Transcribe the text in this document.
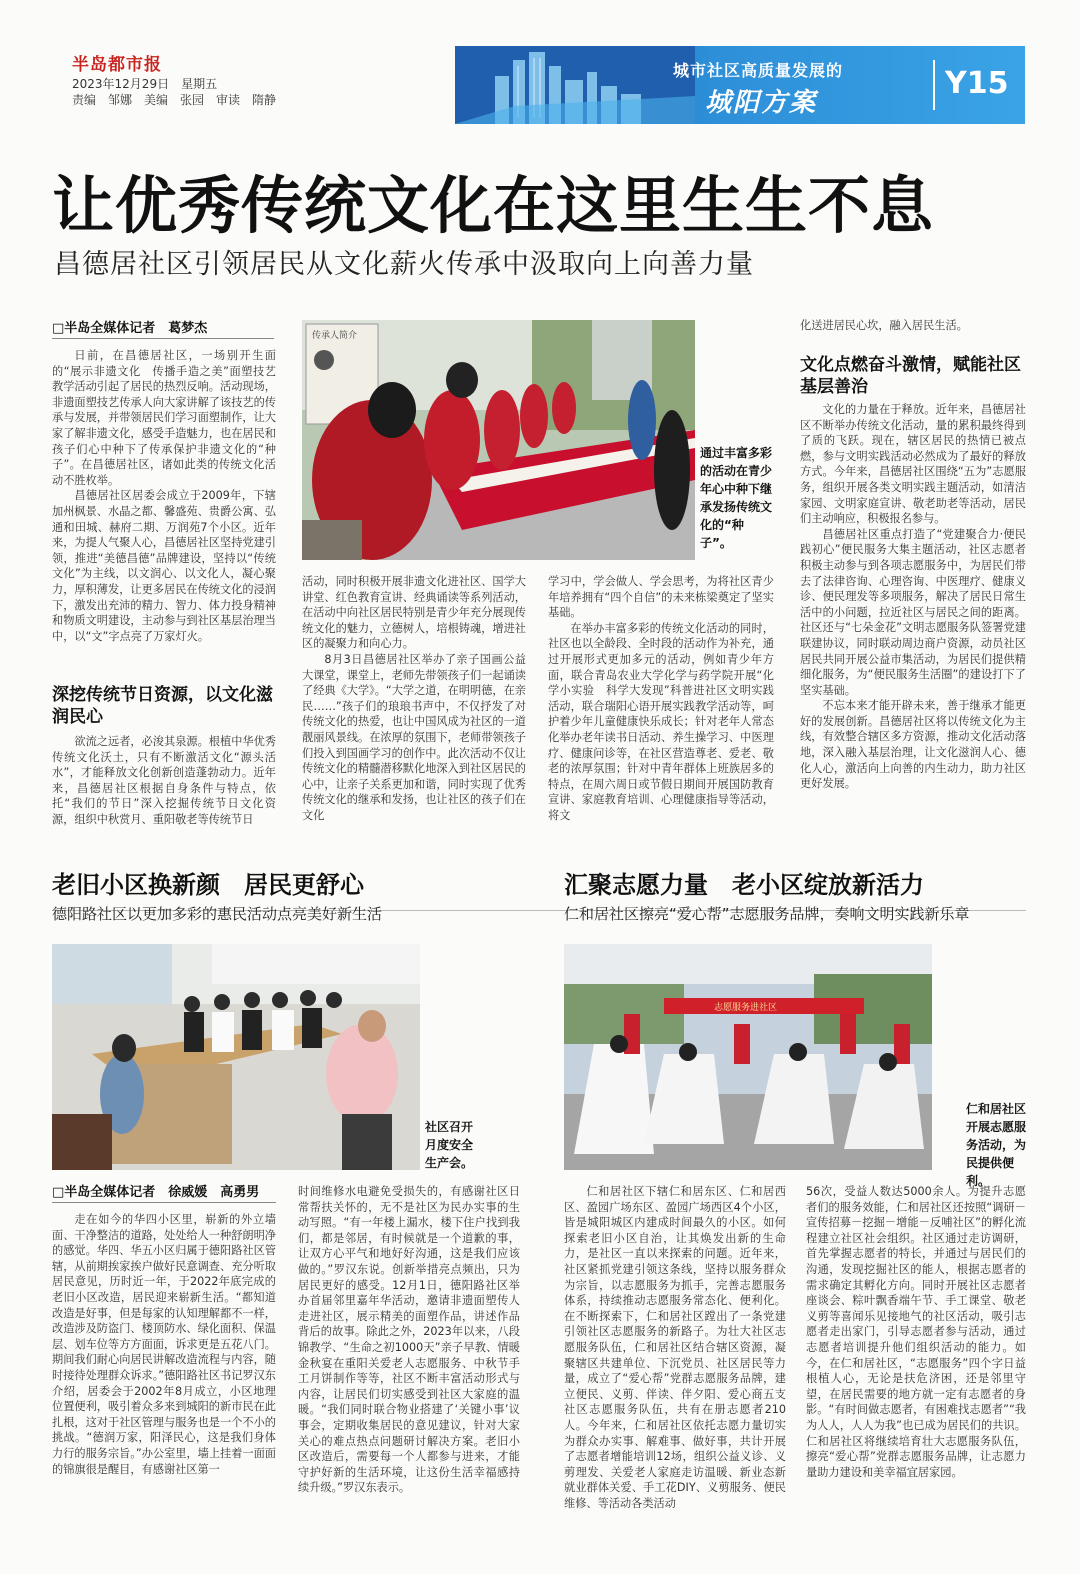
半岛都市报
2023年12月29日　星期五
责编　邹娜　美编　张园　审读　隋静
城市社区高质量发展的
城阳方案
Y15
让优秀传统文化在这里生生不息
昌德居社区引领居民从文化薪火传承中汲取向上向善力量
□半岛全媒体记者　葛梦杰

日前，在昌德居社区，一场别开生面的“展示非遗文化　传播手造之美”面塑技艺教学活动引起了居民的热烈反响。活动现场，非遗面塑技艺传承人向大家讲解了该技艺的传承与发展，并带领居民们学习面塑制作，让大家了解非遗文化，感受手造魅力，也在居民和孩子们心中种下了传承保护非遗文化的“种子”。在昌德居社区，诸如此类的传统文化活动不胜枚举。

昌德居社区居委会成立于2009年，下辖加州枫景、水晶之都、馨盛苑、贵爵公寓、弘通和田城、赫府二期、万润苑7个小区。近年来，为提人气聚人心，昌德居社区坚持党建引领，推进“美德昌德”品牌建设，坚持以“传统文化”为主线，以文润心、以文化人，凝心聚力，厚积薄发，让更多居民在传统文化的浸润下，激发出充沛的精力、智力、体力投身精神和物质文明建设，主动参与到社区基层治理当中，以“文”字点亮了万家灯火。

深挖传统节日资源，以文化滋润民心

欲流之远者，必浚其泉源。根植中华优秀传统文化沃土，只有不断激活文化“源头活水”，才能释放文化创新创造蓬勃动力。近年来，昌德居社区根据自身条件与特点，依托“我们的节日”深入挖掘传统节日文化资源，组织中秋赏月、重阳敬老等传统节日

传承人简介
通过丰富多彩的活动在青少年心中种下继承发扬传统文化的“种子”。

活动，同时积极开展非遗文化进社区、国学大讲堂、红色教育宣讲、经典诵读等系列活动，在活动中向社区居民特别是青少年充分展现传统文化的魅力，立德树人，培根铸魂，增进社区的凝聚力和向心力。

8月3日昌德居社区举办了亲子国画公益大课堂，课堂上，老师先带领孩子们一起诵读了经典《大学》。“大学之道，在明明德，在亲民……”孩子们的琅琅书声中，不仅抒发了对传统文化的热爱，也让中国风成为社区的一道靓丽风景线。在浓厚的氛围下，老师带领孩子们投入到国画学习的创作中。此次活动不仅让传统文化的精髓潜移默化地深入到社区居民的心中，让亲子关系更加和谐，同时实现了优秀传统文化的继承和发扬，也让社区的孩子们在文化

学习中，学会做人、学会思考，为将社区青少年培养拥有“四个自信”的未来栋梁奠定了坚实基础。

在举办丰富多彩的传统文化活动的同时，社区也以全龄段、全时段的活动作为补充，通过开展形式更加多元的活动，例如青少年方面，联合青岛农业大学化学与药学院开展“化学小实验　科学大发现”科普进社区文明实践活动，联合瑞阳心语开展实践教学活动等，呵护着少年儿童健康快乐成长；针对老年人常态化举办老年读书日活动、养生操学习、中医理疗、健康问诊等，在社区营造尊老、爱老、敬老的浓厚氛围；针对中青年群体上班族居多的特点，在周六周日或节假日期间开展国防教育宣讲、家庭教育培训、心理健康指导等活动，将文

化送进居民心坎，融入居民生活。

文化点燃奋斗激情，赋能社区基层善治

文化的力量在于释放。近年来，昌德居社区不断举办传统文化活动，量的累积最终得到了质的飞跃。现在，辖区居民的热情已被点燃，参与文明实践活动必然成为了最好的释放方式。今年来，昌德居社区围绕“五为”志愿服务，组织开展各类文明实践主题活动，如清洁家园、文明家庭宣讲、敬老助老等活动，居民们主动响应，积极报名参与。

昌德居社区重点打造了“党建聚合力·便民践初心”便民服务大集主题活动，社区志愿者积极主动参与到各项志愿服务中，为居民们带去了法律咨询、心理咨询、中医理疗、健康义诊、便民理发等多项服务，解决了居民日常生活中的小问题，拉近社区与居民之间的距离。社区还与“七朵金花”文明志愿服务队签署党建联建协议，同时联动周边商户资源，动员社区居民共同开展公益市集活动，为居民们提供精细化服务，为“便民服务生活圈”的建设打下了坚实基础。

不忘本来才能开辟未来，善于继承才能更好的发展创新。昌德居社区将以传统文化为主线，有效整合辖区多方资源，推动文化活动落地，深入融入基层治理，让文化滋润人心、德化人心，激活向上向善的内生动力，助力社区更好发展。

老旧小区换新颜　居民更舒心
德阳路社区以更加多彩的惠民活动点亮美好新生活
社区召开月度安全生产会。
□半岛全媒体记者　徐威媛　高勇男

走在如今的华四小区里，崭新的外立墙面、干净整洁的道路，处处给人一种舒朗明净的感觉。华四、华五小区归属于德阳路社区管辖，从前期挨家挨户做好民意调查、充分听取居民意见，历时近一年，于2022年底完成的老旧小区改造，居民迎来崭新生活。“都知道改造是好事，但是每家的认知理解都不一样，改造涉及防盗门、楼顶防水、绿化面积、保温层、划车位等方方面面，诉求更是五花八门。期间我们耐心向居民讲解改造流程与内容，随时接待处理群众诉求。”德阳路社区书记罗汉东介绍，居委会于2002年8月成立，小区地理位置便利，吸引着众多来到城阳的新市民在此扎根，这对于社区管理与服务也是一个不小的挑战。“德润万家，阳泽民心，这是我们身体力行的服务宗旨。”办公室里，墙上挂着一面面的锦旗很是醒目，有感谢社区第一

时间维修水电避免受损失的，有感谢社区日常帮扶关怀的，无不是社区为民办实事的生动写照。“有一年楼上漏水，楼下住户找到我们，都是邻居，有时候就是一个道歉的事，让双方心平气和地好好沟通，这是我们应该做的。”罗汉东说。创新举措亮点频出，只为居民更好的感受。12月1日，德阳路社区举办首届邻里嘉年华活动，邀请非遗面塑传人走进社区，展示精美的面塑作品，讲述作品背后的故事。除此之外，2023年以来，八段锦教学、“生命之初1000天”亲子早教、情暖金秋宴在重阳关爱老人志愿服务、中秋节手工月饼制作等等，社区不断丰富活动形式与内容，让居民们切实感受到社区大家庭的温暖。“我们同时联合物业搭建了‘关键小事’议事会，定期收集居民的意见建议，针对大家关心的难点热点问题研讨解决方案。老旧小区改造后，需要每一个人都参与进来，才能守护好新的生活环境，让这份生活幸福感持续升级。”罗汉东表示。

汇聚志愿力量　老小区绽放新活力
仁和居社区擦亮“爱心帮”志愿服务品牌，奏响文明实践新乐章
志愿服务进社区
仁和居社区开展志愿服务活动，为民提供便利。

仁和居社区下辖仁和居东区、仁和居西区、盈园广场东区、盈园广场西区4个小区，皆是城阳城区内建成时间最久的小区。如何探索老旧小区自治，让其焕发出新的生命力，是社区一直以来探索的问题。近年来，社区紧抓党建引领这条线，坚持以服务群众为宗旨，以志愿服务为抓手，完善志愿服务体系，持续推动志愿服务常态化、便利化。在不断探索下，仁和居社区蹚出了一条党建引领社区志愿服务的新路子。为壮大社区志愿服务队伍，仁和居社区结合辖区资源，凝聚辖区共建单位、下沉党员、社区居民等力量，成立了“爱心帮”党群志愿服务品牌，建立便民、义剪、伴读、伴夕阳、爱心商五支社区志愿服务队伍，共有在册志愿者210人。今年来，仁和居社区依托志愿力量切实为群众办实事、解难事、做好事，共计开展了志愿者增能培训12场，组织公益义诊、义剪理发、关爱老人家庭走访温暖、新业态新就业群体关爱、手工花DIY、义剪服务、便民维修、等活动各类活动

56次，受益人数达5000余人。为提升志愿者们的服务效能，仁和居社区还按照“调研－宣传招募－挖掘－增能－反哺社区”的孵化流程建立社区社会组织。社区通过走访调研，首先掌握志愿者的特长，并通过与居民们的沟通，发现挖掘社区的能人，根据志愿者的需求确定其孵化方向。同时开展社区志愿者座谈会、粽叶飘香端午节、手工课堂、敬老义剪等喜闻乐见接地气的社区活动，吸引志愿者走出家门，引导志愿者参与活动，通过志愿者培训提升他们组织活动的能力。如今，在仁和居社区，“志愿服务”四个字日益根植人心，无论是扶危济困，还是邻里守望，在居民需要的地方就一定有志愿者的身影。“有时间做志愿者，有困难找志愿者”“我为人人，人人为我”也已成为居民们的共识。仁和居社区将继续培育壮大志愿服务队伍，擦亮“爱心帮”党群志愿服务品牌，让志愿力量助力建设和美幸福宜居家园。
